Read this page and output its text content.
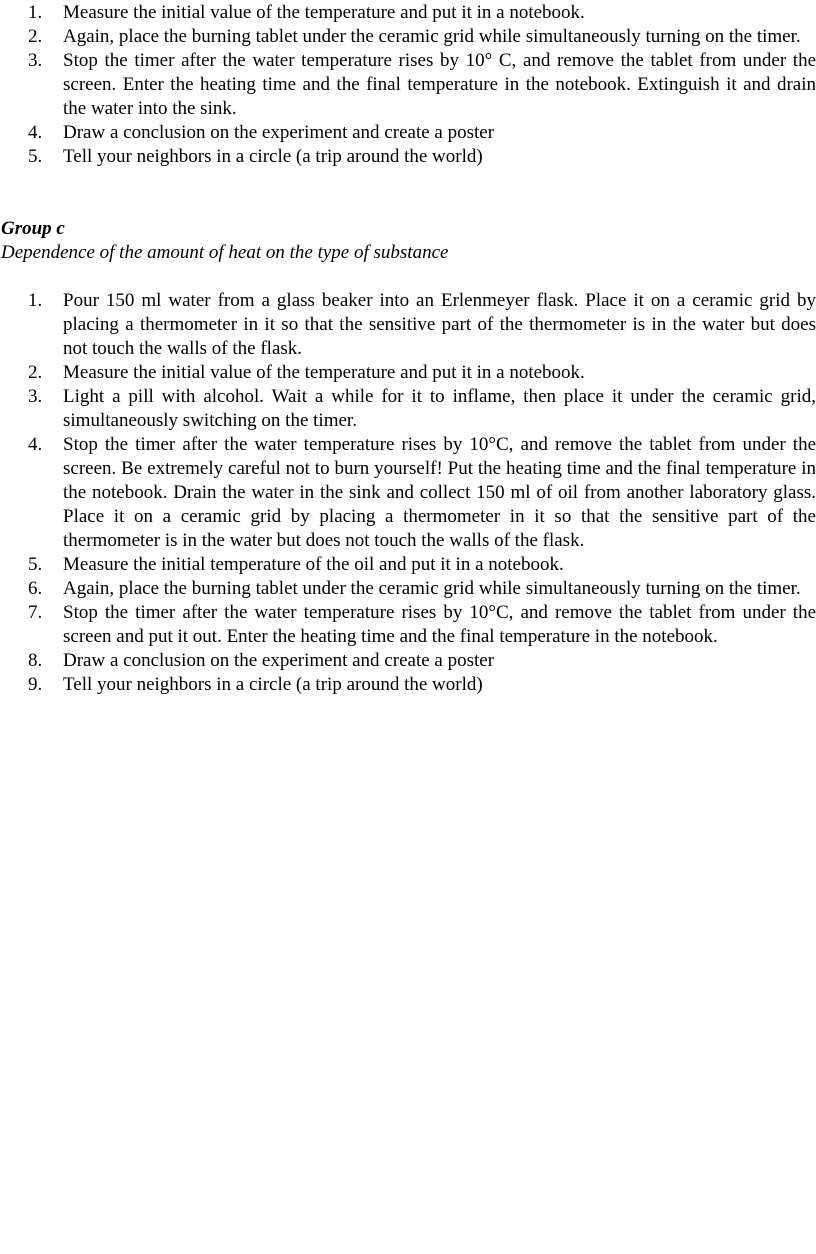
1.	Measure the initial value of the temperature and put it in a notebook.
2.	Again, place the burning tablet under the ceramic grid while simultaneously turning on the timer.
3.	Stop the timer after the water temperature rises by 10° C, and remove the tablet from under the screen. Enter the heating time and the final temperature in the notebook. Extinguish it and drain the water into the sink.
4.	Draw a conclusion on the experiment and create a poster
5.	Tell your neighbors in a circle (a trip around the world)
Group c

Dependence of the amount of heat on the type of substance

1.	Pour 150 ml water from a glass beaker into an Erlenmeyer flask. Place it on a ceramic grid by placing a thermometer in it so that the sensitive part of the thermometer is in the water but does not touch the walls of the flask.
2.	Measure the initial value of the temperature and put it in a notebook.
3.	Light a pill with alcohol. Wait a while for it to inflame, then place it under the ceramic grid, simultaneously switching on the timer.
4.	Stop the timer after the water temperature rises by 10°C, and remove the tablet from under the screen. Be extremely careful not to burn yourself! Put the heating time and the final temperature in the notebook. Drain the water in the sink and collect 150 ml of oil from another laboratory glass. Place it on a ceramic grid by placing a thermometer in it so that the sensitive part of the thermometer is in the water but does not touch the walls of the flask.
5.	Measure the initial temperature of the oil and put it in a notebook.
6.	Again, place the burning tablet under the ceramic grid while simultaneously turning on the timer.
7.	Stop the timer after the water temperature rises by 10°C, and remove the tablet from under the screen and put it out. Enter the heating time and the final temperature in the notebook.
8.	Draw a conclusion on the experiment and create a poster
9.	Tell your neighbors in a circle (a trip around the world)
